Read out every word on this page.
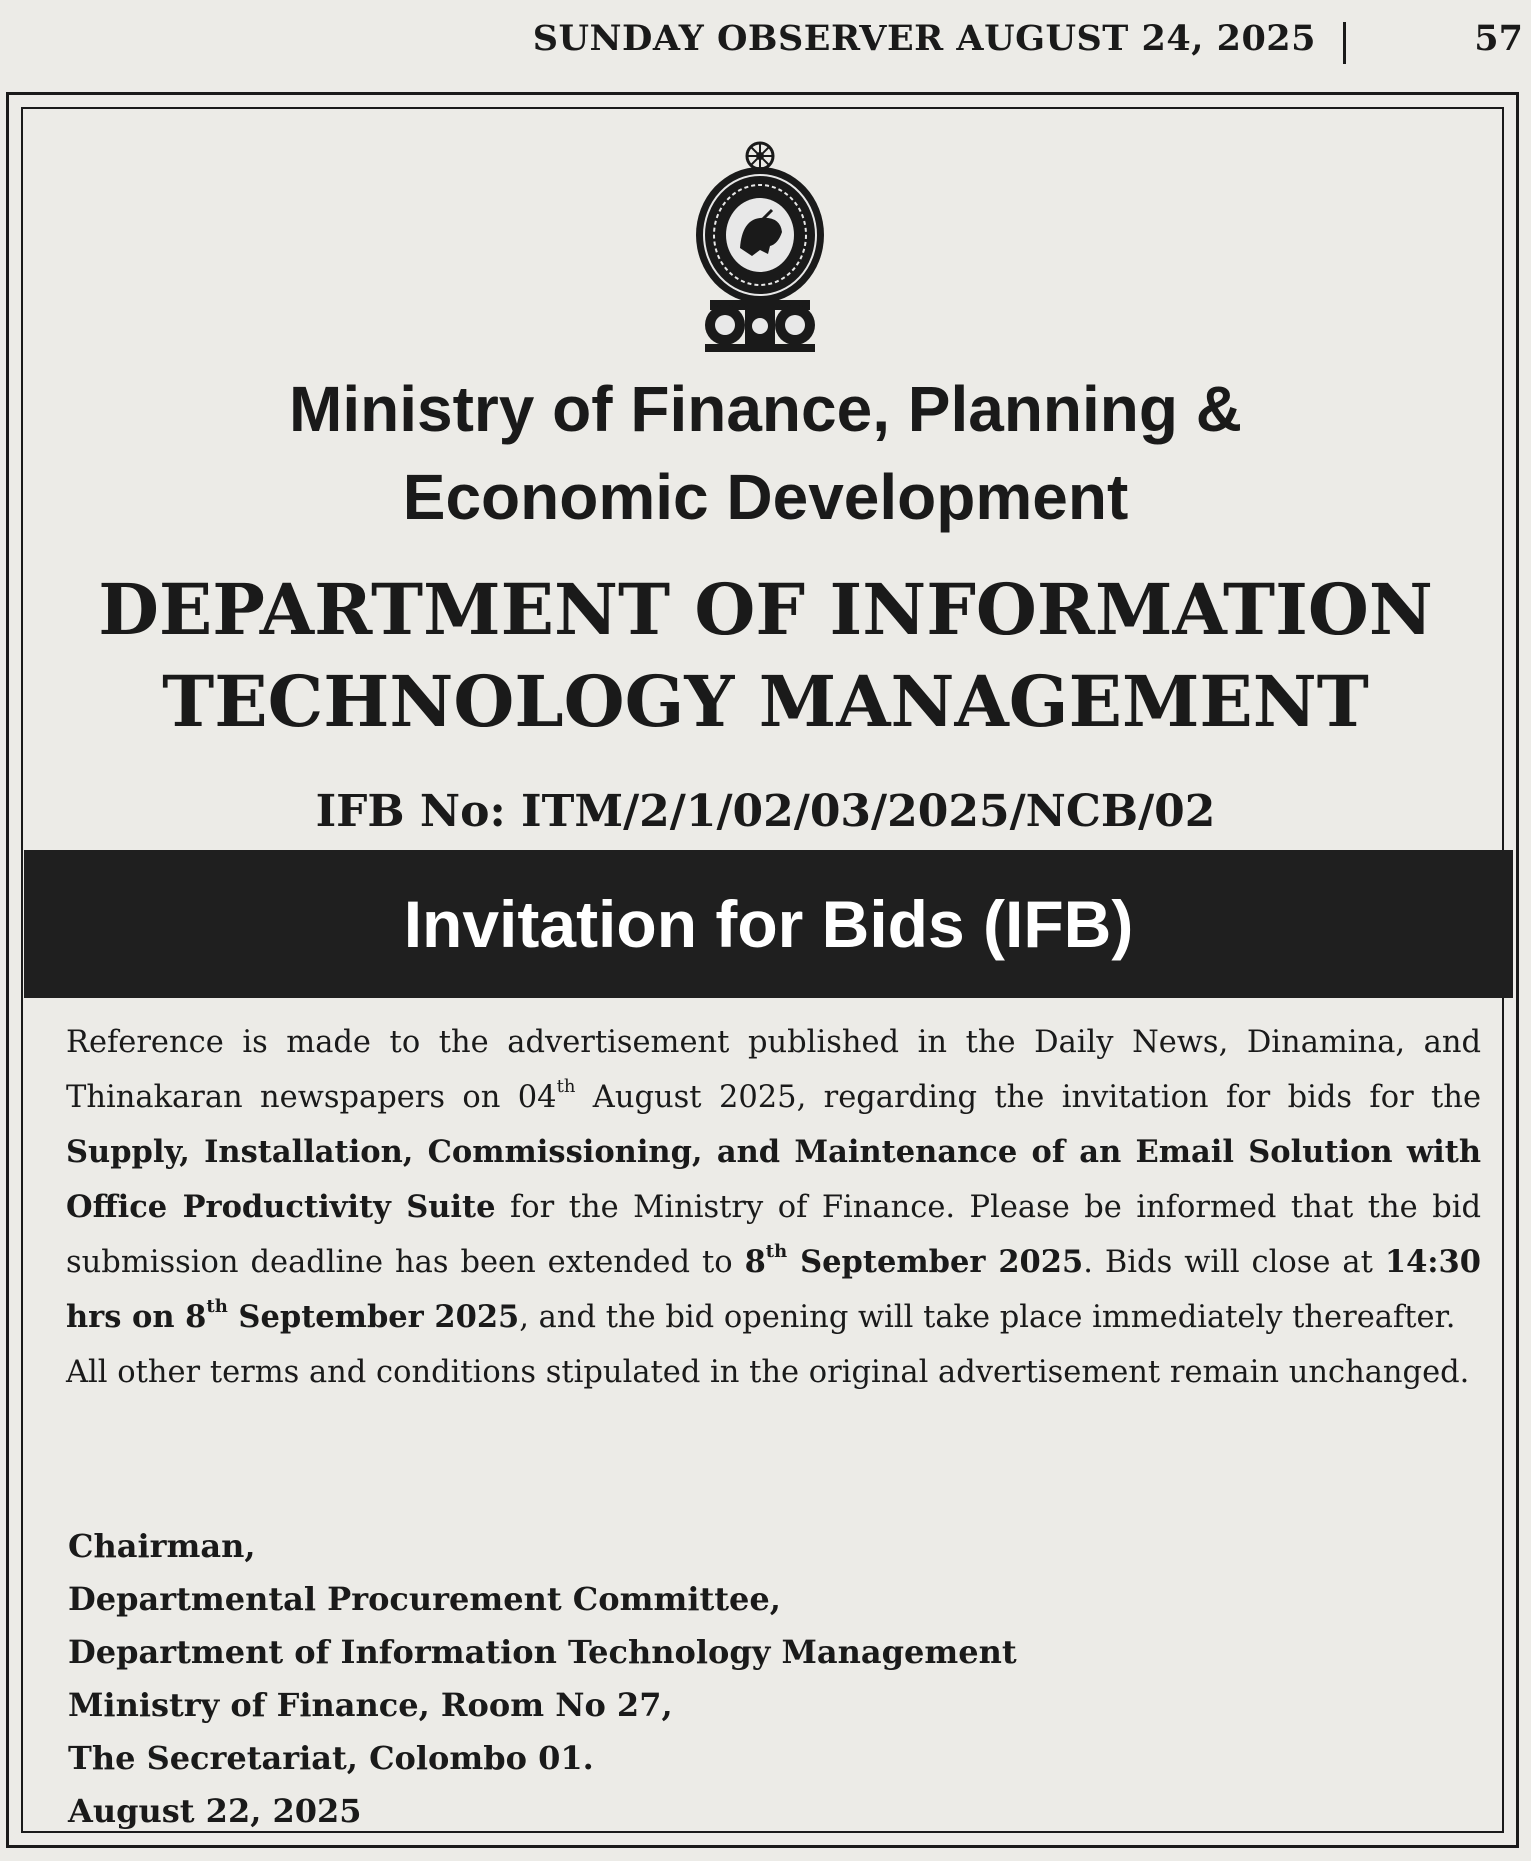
SUNDAY OBSERVER AUGUST 24, 2025	57
Ministry of Finance, Planning &
Economic Development
DEPARTMENT OF INFORMATION
TECHNOLOGY MANAGEMENT
IFB No: ITM/2/1/02/03/2025/NCB/02
Invitation for Bids (IFB)

Reference is made to the advertisement published in the Daily News, Dinamina, and Thinakaran newspapers on 04th August 2025, regarding the invitation for bids for the Supply, Installation, Commissioning, and Maintenance of an Email Solution with Office Productivity Suite for the Ministry of Finance. Please be informed that the bid submission deadline has been extended to 8th September 2025. Bids will close at 14:30 hrs on 8th September 2025, and the bid opening will take place immediately thereafter.

All other terms and conditions stipulated in the original advertisement remain unchanged.

Chairman,
Departmental Procurement Committee,
Department of Information Technology Management
Ministry of Finance, Room No 27,
The Secretariat, Colombo 01.
August 22, 2025
